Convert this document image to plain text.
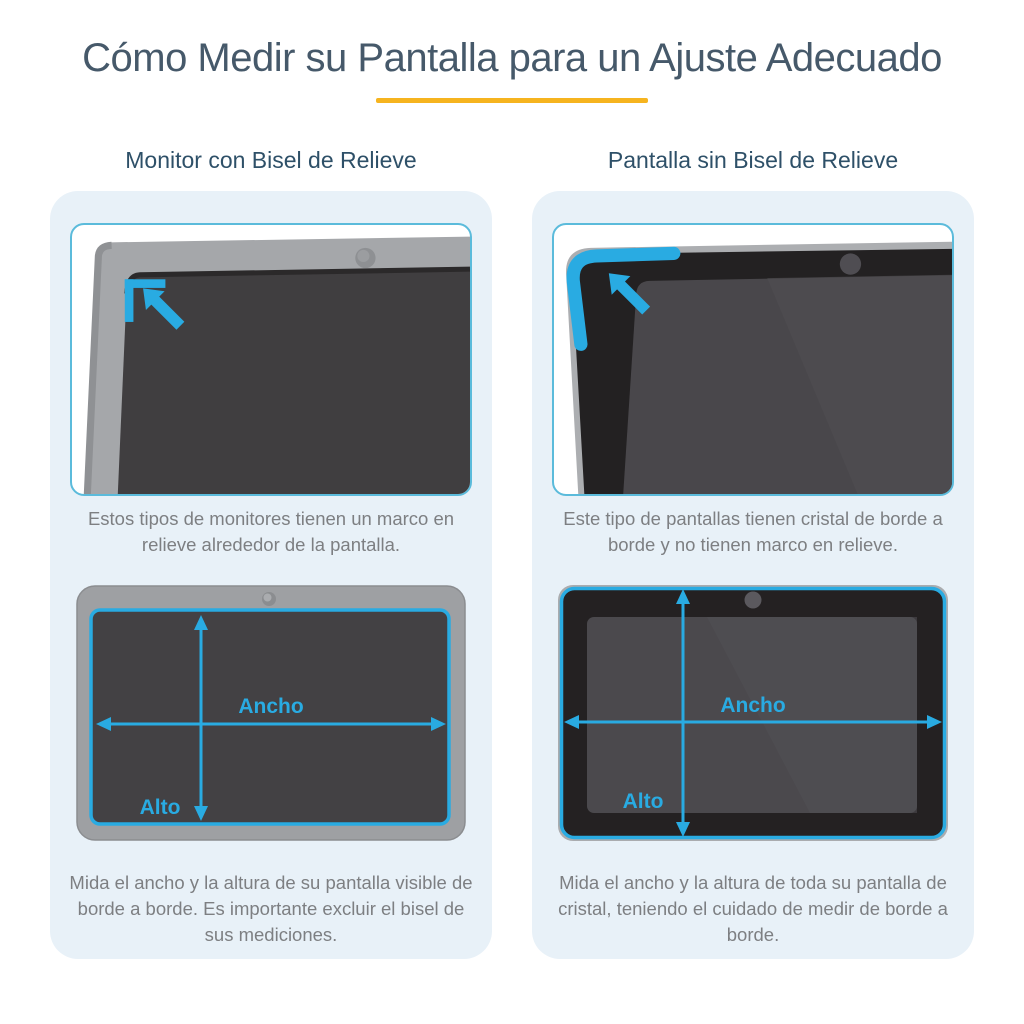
Cómo Medir su Pantalla para un Ajuste Adecuado
Monitor con Bisel de Relieve

Estos tipos de monitores tienen un marco en relieve alrededor de la pantalla.

Ancho
Alto

Mida el ancho y la altura de su pantalla visible de borde a borde. Es importante excluir el bisel de sus mediciones.

Pantalla sin Bisel de Relieve

Este tipo de pantallas tienen cristal de borde a borde y no tienen marco en relieve.

Ancho
Alto

Mida el ancho y la altura de toda su pantalla de cristal, teniendo el cuidado de medir de borde a borde.
